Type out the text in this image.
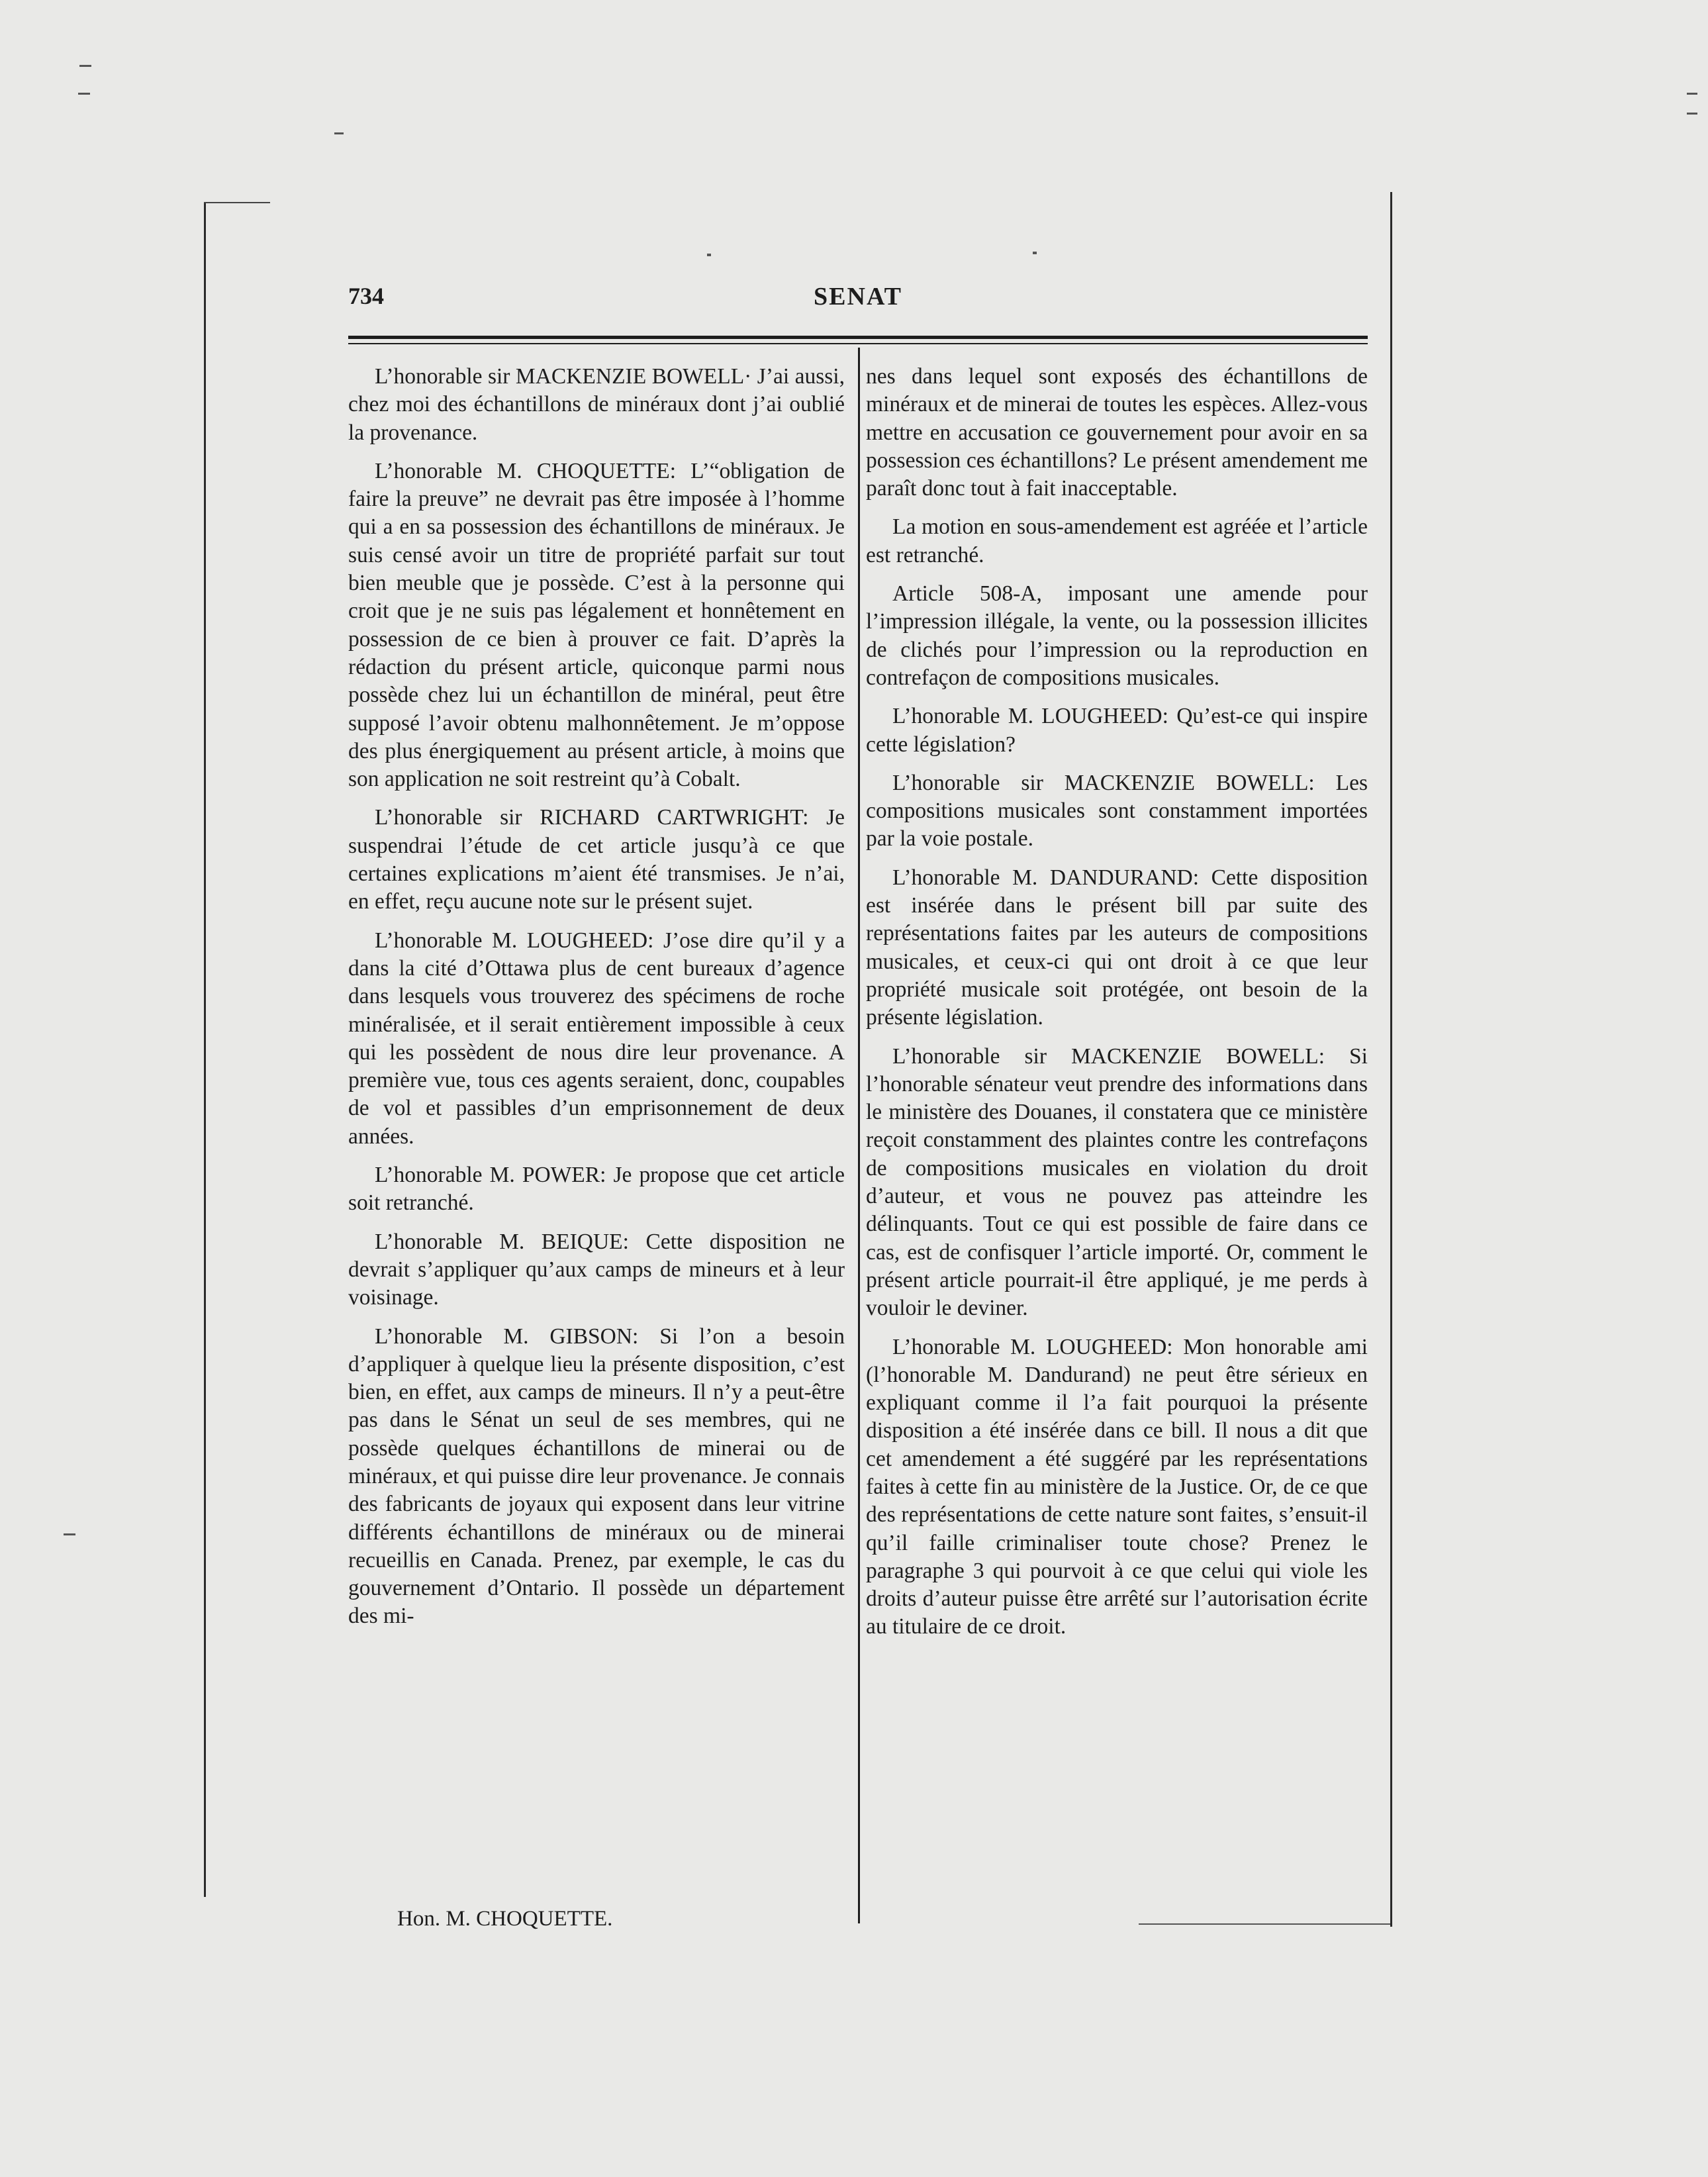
734	SENAT

L’honorable sir MACKENZIE BOWELL· J’ai aussi, chez moi des échantillons de minéraux dont j’ai oublié la provenance.

L’honorable M. CHOQUETTE: L’“obligation de faire la preuve” ne devrait pas être imposée à l’homme qui a en sa possession des échantillons de minéraux. Je suis censé avoir un titre de propriété parfait sur tout bien meuble que je possède. C’est à la personne qui croit que je ne suis pas légalement et honnêtement en possession de ce bien à prouver ce fait. D’après la rédaction du présent article, quiconque parmi nous possède chez lui un échantillon de minéral, peut être supposé l’avoir obtenu malhonnêtement. Je m’oppose des plus énergiquement au présent article, à moins que son application ne soit restreint qu’à Cobalt.

L’honorable sir RICHARD CARTWRIGHT: Je suspendrai l’étude de cet article jusqu’à ce que certaines explications m’aient été transmises. Je n’ai, en effet, reçu aucune note sur le présent sujet.

L’honorable M. LOUGHEED: J’ose dire qu’il y a dans la cité d’Ottawa plus de cent bureaux d’agence dans lesquels vous trouverez des spécimens de roche minéralisée, et il serait entièrement impossible à ceux qui les possèdent de nous dire leur provenance. A première vue, tous ces agents seraient, donc, coupables de vol et passibles d’un emprisonnement de deux années.

L’honorable M. POWER: Je propose que cet article soit retranché.

L’honorable M. BEIQUE: Cette disposition ne devrait s’appliquer qu’aux camps de mineurs et à leur voisinage.

L’honorable M. GIBSON: Si l’on a besoin d’appliquer à quelque lieu la présente disposition, c’est bien, en effet, aux camps de mineurs. Il n’y a peut-être pas dans le Sénat un seul de ses membres, qui ne possède quelques échantillons de minerai ou de minéraux, et qui puisse dire leur provenance. Je connais des fabricants de joyaux qui exposent dans leur vitrine différents échantillons de minéraux ou de minerai recueillis en Canada. Prenez, par exemple, le cas du gouvernement d’Ontario. Il possède un département des mi-

Hon. M. CHOQUETTE.

nes dans lequel sont exposés des échantillons de minéraux et de minerai de toutes les espèces. Allez-vous mettre en accusation ce gouvernement pour avoir en sa possession ces échantillons? Le présent amendement me paraît donc tout à fait inacceptable.

La motion en sous-amendement est agréée et l’article est retranché.

Article 508-A, imposant une amende pour l’impression illégale, la vente, ou la possession illicites de clichés pour l’impression ou la reproduction en contrefaçon de compositions musicales.

L’honorable M. LOUGHEED: Qu’est-ce qui inspire cette législation?

L’honorable sir MACKENZIE BOWELL: Les compositions musicales sont constamment importées par la voie postale.

L’honorable M. DANDURAND: Cette disposition est insérée dans le présent bill par suite des représentations faites par les auteurs de compositions musicales, et ceux-ci qui ont droit à ce que leur propriété musicale soit protégée, ont besoin de la présente législation.

L’honorable sir MACKENZIE BOWELL: Si l’honorable sénateur veut prendre des informations dans le ministère des Douanes, il constatera que ce ministère reçoit constamment des plaintes contre les contrefaçons de compositions musicales en violation du droit d’auteur, et vous ne pouvez pas atteindre les délinquants. Tout ce qui est possible de faire dans ce cas, est de confisquer l’article importé. Or, comment le présent article pourrait-il être appliqué, je me perds à vouloir le deviner.

L’honorable M. LOUGHEED: Mon honorable ami (l’honorable M. Dandurand) ne peut être sérieux en expliquant comme il l’a fait pourquoi la présente disposition a été insérée dans ce bill. Il nous a dit que cet amendement a été suggéré par les représentations faites à cette fin au ministère de la Justice. Or, de ce que des représentations de cette nature sont faites, s’ensuit-il qu’il faille criminaliser toute chose? Prenez le paragraphe 3 qui pourvoit à ce que celui qui viole les droits d’auteur puisse être arrêté sur l’autorisation écrite au titulaire de ce droit.
